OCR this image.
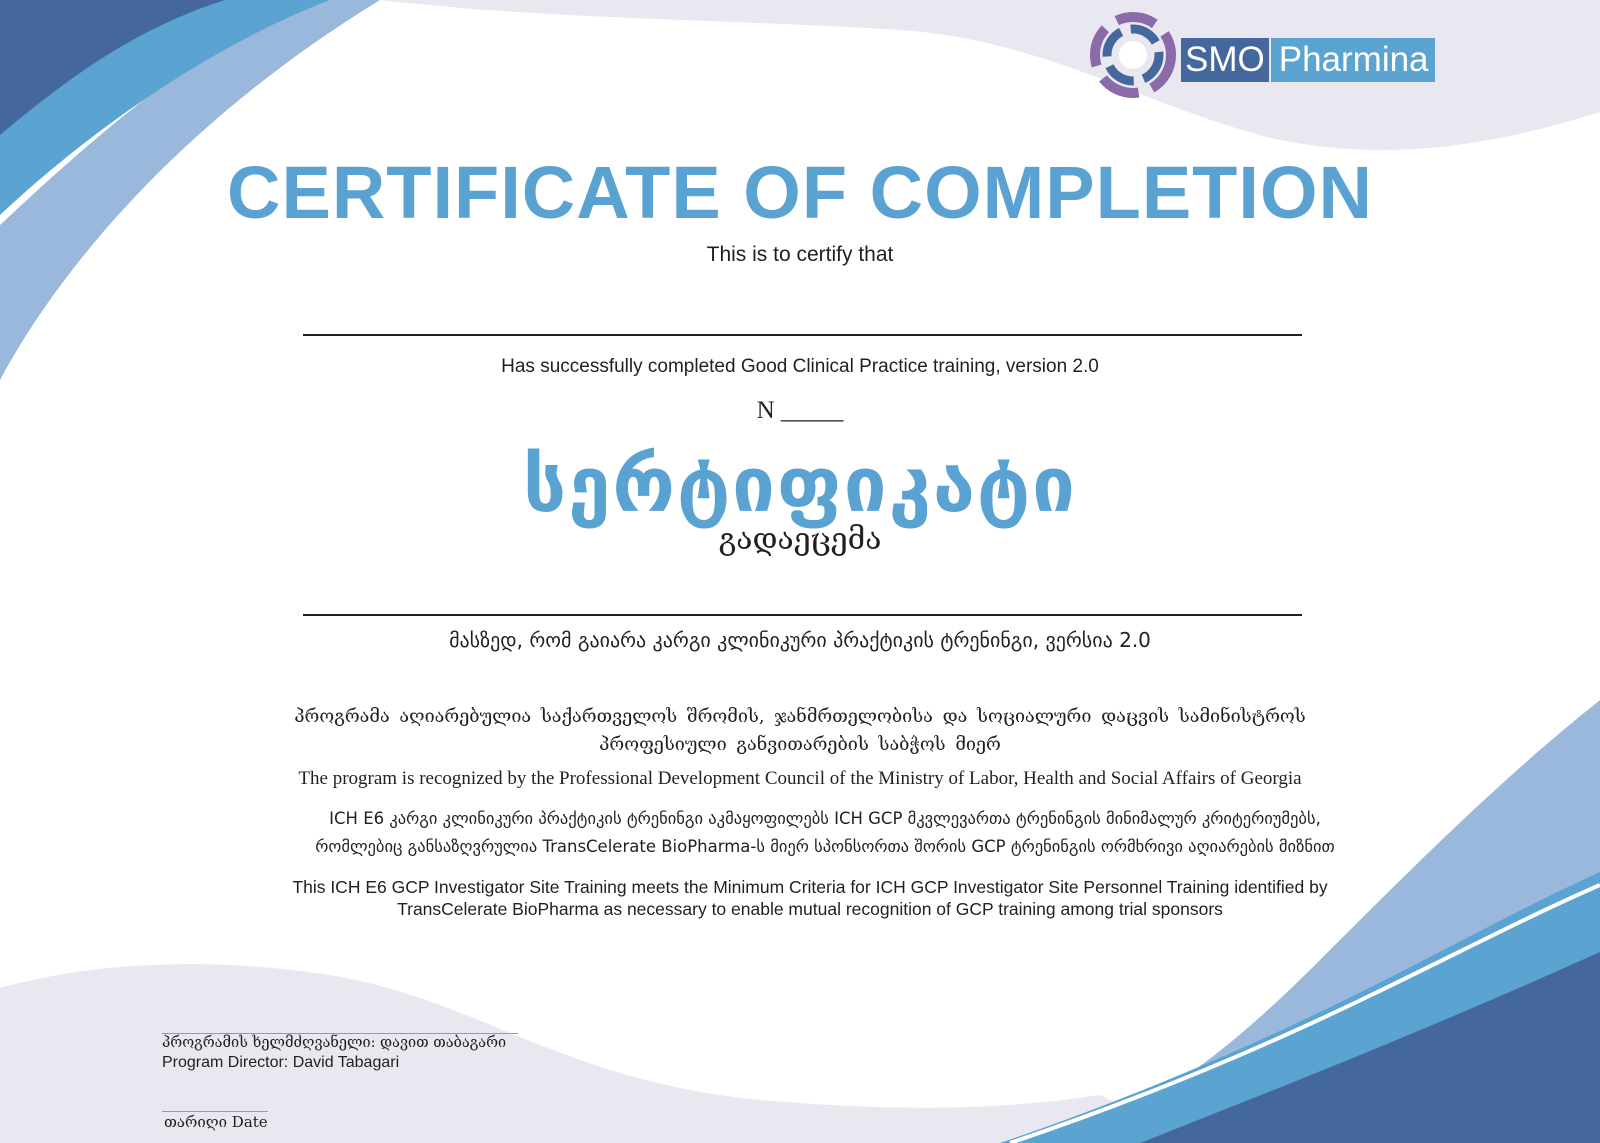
SMO Pharmina
CERTIFICATE OF COMPLETION
This is to certify that
Has successfully completed Good Clinical Practice training, version 2.0
N _____
სერტიფიკატი
გადაეცემა
მასზედ, რომ გაიარა კარგი კლინიკური პრაქტიკის ტრენინგი, ვერსია 2.0
პროგრამა აღიარებულია საქართველოს შრომის, ჯანმრთელობისა და სოციალური დაცვის სამინისტროს
პროფესიული განვითარების საბჭოს მიერ
The program is recognized by the Professional Development Council of the Ministry of Labor, Health and Social Affairs of Georgia
ICH E6 კარგი კლინიკური პრაქტიკის ტრენინგი აკმაყოფილებს ICH GCP მკვლევართა ტრენინგის მინიმალურ კრიტერიუმებს,
რომლებიც განსაზღვრულია TransCelerate BioPharma-ს მიერ სპონსორთა შორის GCP ტრენინგის ორმხრივი აღიარების მიზნით
This ICH E6 GCP Investigator Site Training meets the Minimum Criteria for ICH GCP Investigator Site Personnel Training identified by
TransCelerate BioPharma as necessary to enable mutual recognition of GCP training among trial sponsors
პროგრამის ხელმძღვანელი: დავით თაბაგარი
Program Director: David Tabagari
თარიღი Date
